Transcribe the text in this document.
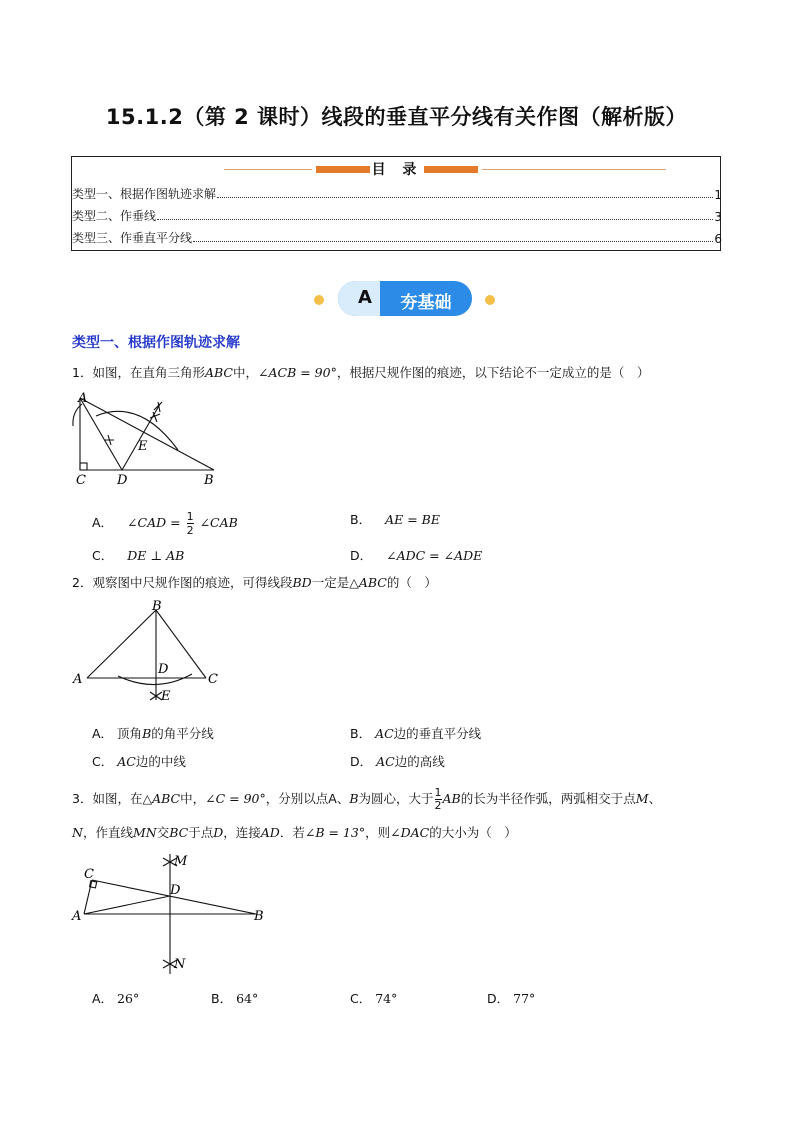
15.1.2（第 2 课时）线段的垂直平分线有关作图（解析版）
目 录
类型一、根据作图轨迹求解	1
类型二、作垂线	3
类型三、作垂直平分线	6
A	夯基础
类型一、根据作图轨迹求解
1．如图，在直角三角形ABC中，∠ACB = 90°，根据尺规作图的痕迹，以下结论不一定成立的是（　）
A
C D	B
E
A． ∠CAD = $\frac{1}{2}$ ∠CAB	B． AE = BE
C． DE ⊥ AB	D． ∠ADC = ∠ADE
2．观察图中尺规作图的痕迹，可得线段BD一定是△ABC的（　）
B
A	C
D
E
A． 顶角B的角平分线	B． AC边的垂直平分线
C． AC边的中线	D． AC边的高线
3．如图，在△ABC中，∠C = 90°，分别以点A、B为圆心，大于 $\frac{1}{2}$ AB的长为半径作弧，两弧相交于点M、
N，作直线MN交BC于点D，连接AD．若∠B = 13°，则∠DAC的大小为（　）
C
A	B
D
M
N
A． 26°	B． 64°	C． 74°	D． 77°
